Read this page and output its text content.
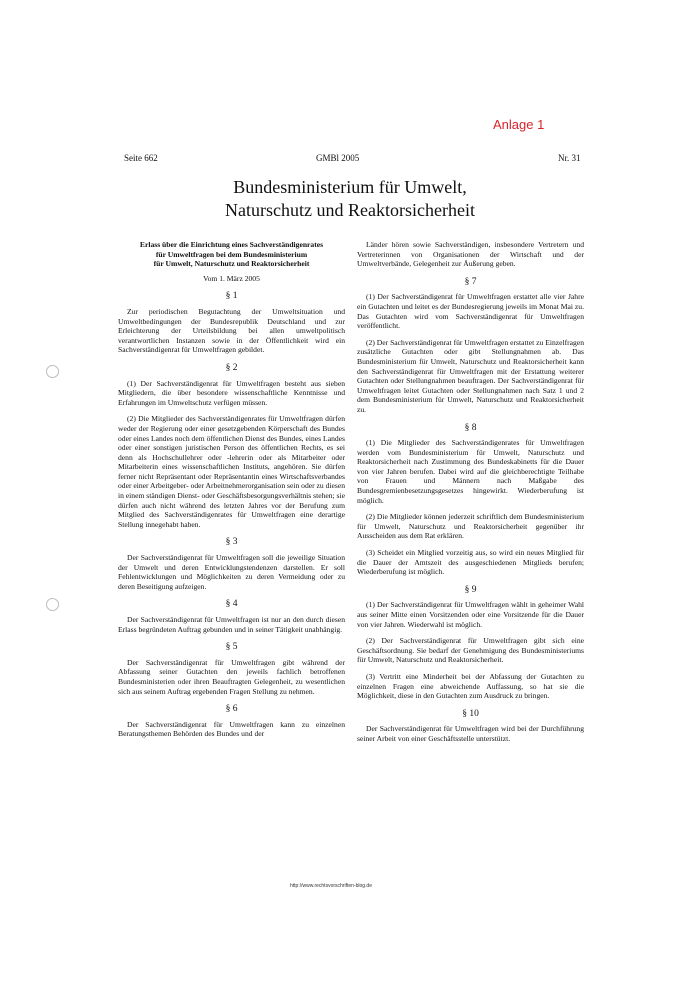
Anlage 1
Seite 662	GMBl 2005	Nr. 31
Bundesministerium für Umwelt,
Naturschutz und Reaktorsicherheit
Erlass über die Einrichtung eines Sachverständigenrates
für Umweltfragen bei dem Bundesministerium
für Umwelt, Naturschutz und Reaktorsicherheit
Vom 1. März 2005
§ 1

Zur periodischen Begutachtung der Umweltsituation und Umweltbedingungen der Bundesrepublik Deutschland und zur Erleichterung der Urteilsbildung bei allen umweltpolitisch verantwortlichen Instanzen sowie in der Öffentlichkeit wird ein Sachverständigenrat für Umweltfragen gebildet.

§ 2

(1) Der Sachverständigenrat für Umweltfragen besteht aus sieben Mitgliedern, die über besondere wissenschaftliche Kenntnisse und Erfahrungen im Umweltschutz verfügen müssen.

(2) Die Mitglieder des Sachverständigenrates für Umweltfragen dürfen weder der Regierung oder einer gesetzgebenden Körperschaft des Bundes oder eines Landes noch dem öffentlichen Dienst des Bundes, eines Landes oder einer sonstigen juristischen Person des öffentlichen Rechts, es sei denn als Hochschullehrer oder -lehrerin oder als Mitarbeiter oder Mitarbeiterin eines wissenschaftlichen Instituts, angehören. Sie dürfen ferner nicht Repräsentant oder Repräsentantin eines Wirtschaftsverbandes oder einer Arbeitgeber- oder Arbeitnehmerorganisation sein oder zu diesen in einem ständigen Dienst- oder Geschäftsbesorgungsverhältnis stehen; sie dürfen auch nicht während des letzten Jahres vor der Berufung zum Mitglied des Sachverständigenrates für Umweltfragen eine derartige Stellung innegehabt haben.

§ 3

Der Sachverständigenrat für Umweltfragen soll die jeweilige Situation der Umwelt und deren Entwicklungstendenzen darstellen. Er soll Fehlentwicklungen und Möglichkeiten zu deren Vermeidung oder zu deren Beseitigung aufzeigen.

§ 4

Der Sachverständigenrat für Umweltfragen ist nur an den durch diesen Erlass begründeten Auftrag gebunden und in seiner Tätigkeit unabhängig.

§ 5

Der Sachverständigenrat für Umweltfragen gibt während der Abfassung seiner Gutachten den jeweils fachlich betroffenen Bundesministerien oder ihren Beauftragten Gelegenheit, zu wesentlichen sich aus seinem Auftrag ergebenden Fragen Stellung zu nehmen.

§ 6

Der Sachverständigenrat für Umweltfragen kann zu einzelnen Beratungsthemen Behörden des Bundes und der

Länder hören sowie Sachverständigen, insbesondere Vertretern und Vertreterinnen von Organisationen der Wirtschaft und der Umweltverbände, Gelegenheit zur Äußerung geben.

§ 7

(1) Der Sachverständigenrat für Umweltfragen erstattet alle vier Jahre ein Gutachten und leitet es der Bundesregierung jeweils im Monat Mai zu. Das Gutachten wird vom Sachverständigenrat für Umweltfragen veröffentlicht.

(2) Der Sachverständigenrat für Umweltfragen erstattet zu Einzelfragen zusätzliche Gutachten oder gibt Stellungnahmen ab. Das Bundesministerium für Umwelt, Naturschutz und Reaktorsicherheit kann den Sachverständigenrat für Umweltfragen mit der Erstattung weiterer Gutachten oder Stellungnahmen beauftragen. Der Sachverständigenrat für Umweltfragen leitet Gutachten oder Stellungnahmen nach Satz 1 und 2 dem Bundesministerium für Umwelt, Naturschutz und Reaktorsicherheit zu.

§ 8

(1) Die Mitglieder des Sachverständigenrates für Umweltfragen werden vom Bundesministerium für Umwelt, Naturschutz und Reaktorsicherheit nach Zustimmung des Bundeskabinetts für die Dauer von vier Jahren berufen. Dabei wird auf die gleichberechtigte Teilhabe von Frauen und Männern nach Maßgabe des Bundesgremienbesetzungsgesetzes hingewirkt. Wiederberufung ist möglich.

(2) Die Mitglieder können jederzeit schriftlich dem Bundesministerium für Umwelt, Naturschutz und Reaktorsicherheit gegenüber ihr Ausscheiden aus dem Rat erklären.

(3) Scheidet ein Mitglied vorzeitig aus, so wird ein neues Mitglied für die Dauer der Amtszeit des ausgeschiedenen Mitglieds berufen; Wiederberufung ist möglich.

§ 9

(1) Der Sachverständigenrat für Umweltfragen wählt in geheimer Wahl aus seiner Mitte einen Vorsitzenden oder eine Vorsitzende für die Dauer von vier Jahren. Wiederwahl ist möglich.

(2) Der Sachverständigenrat für Umweltfragen gibt sich eine Geschäftsordnung. Sie bedarf der Genehmigung des Bundesministeriums für Umwelt, Naturschutz und Reaktorsicherheit.

(3) Vertritt eine Minderheit bei der Abfassung der Gutachten zu einzelnen Fragen eine abweichende Auffassung, so hat sie die Möglichkeit, diese in den Gutachten zum Ausdruck zu bringen.

§ 10

Der Sachverständigenrat für Umweltfragen wird bei der Durchführung seiner Arbeit von einer Geschäftsstelle unterstützt.

http://www.rechtsvorschriften-blog.de
